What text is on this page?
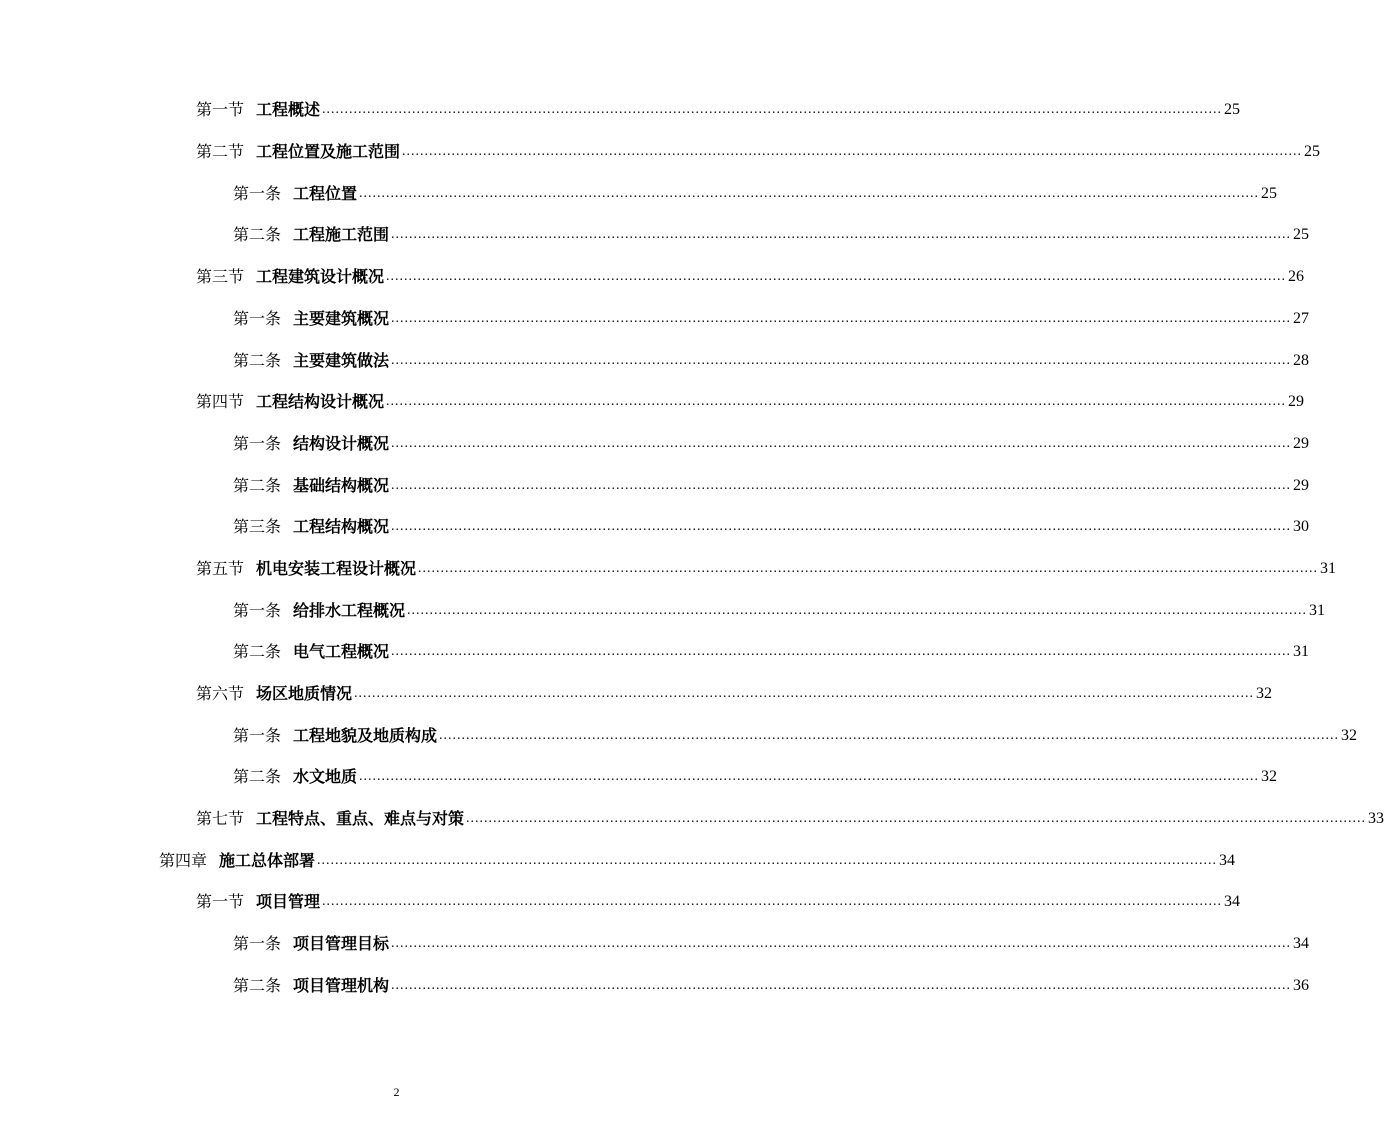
第一节 工程概述 ........................................................................................................................................................................................................ 25
第二节 工程位置及施工范围 ........................................................................................................................................................................................................ 25
第一条 工程位置 ........................................................................................................................................................................................................ 25
第二条 工程施工范围 ........................................................................................................................................................................................................ 25
第三节 工程建筑设计概况 ........................................................................................................................................................................................................ 26
第一条 主要建筑概况 ........................................................................................................................................................................................................ 27
第二条 主要建筑做法 ........................................................................................................................................................................................................ 28
第四节 工程结构设计概况 ........................................................................................................................................................................................................ 29
第一条 结构设计概况 ........................................................................................................................................................................................................ 29
第二条 基础结构概况 ........................................................................................................................................................................................................ 29
第三条 工程结构概况 ........................................................................................................................................................................................................ 30
第五节 机电安装工程设计概况 ........................................................................................................................................................................................................ 31
第一条 给排水工程概况 ........................................................................................................................................................................................................ 31
第二条 电气工程概况 ........................................................................................................................................................................................................ 31
第六节 场区地质情况 ........................................................................................................................................................................................................ 32
第一条 工程地貌及地质构成 ........................................................................................................................................................................................................ 32
第二条 水文地质 ........................................................................................................................................................................................................ 32
第七节 工程特点、重点、难点与对策 ........................................................................................................................................................................................................ 33
第四章 施工总体部署 ........................................................................................................................................................................................................ 34
第一节 项目管理 ........................................................................................................................................................................................................ 34
第一条 项目管理目标 ........................................................................................................................................................................................................ 34
第二条 项目管理机构 ........................................................................................................................................................................................................ 36
2
